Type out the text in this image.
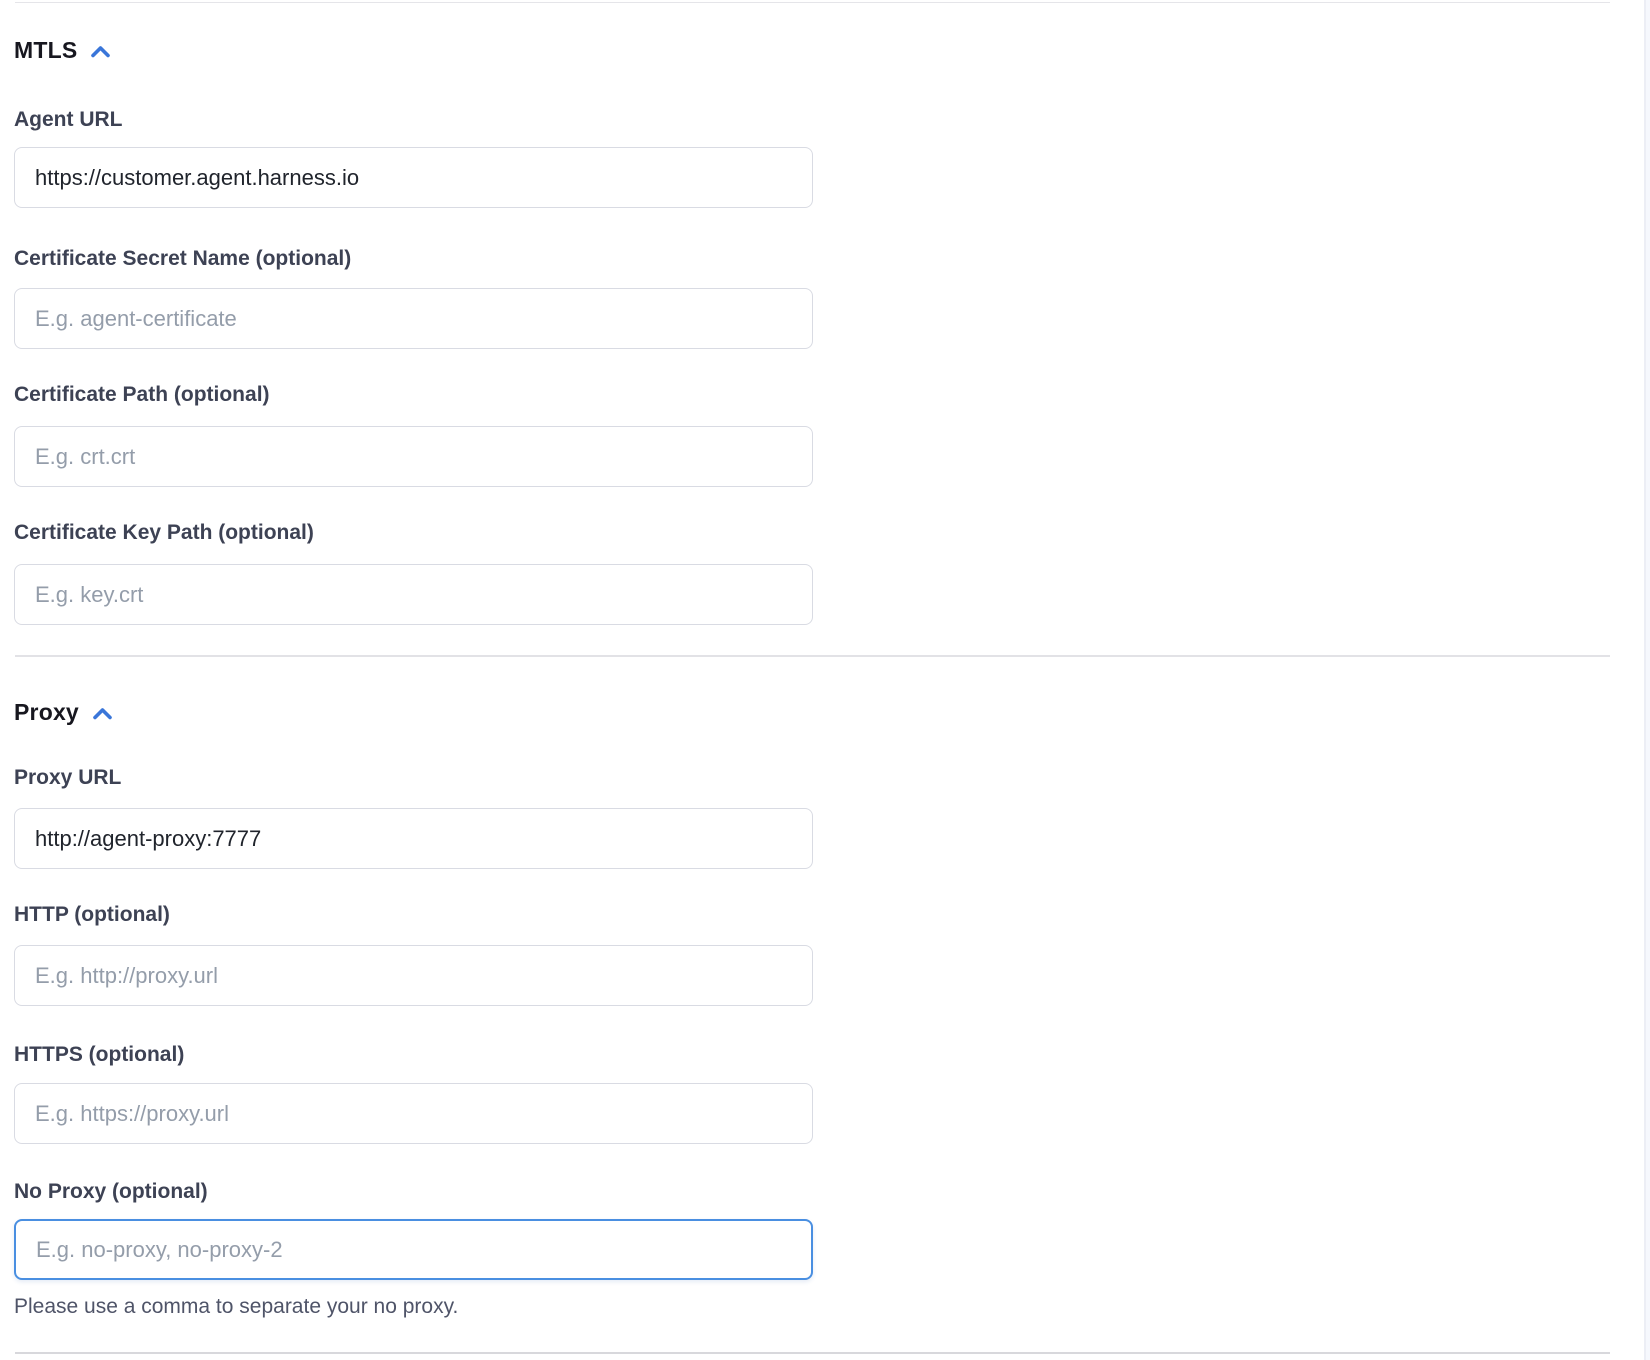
MTLS
Agent URL
https://customer.agent.harness.io
Certificate Secret Name (optional)
E.g. agent-certificate
Certificate Path (optional)
E.g. crt.crt
Certificate Key Path (optional)
E.g. key.crt
Proxy
Proxy URL
http://agent-proxy:7777
HTTP (optional)
E.g. http://proxy.url
HTTPS (optional)
E.g. https://proxy.url
No Proxy (optional)
E.g. no-proxy, no-proxy-2
Please use a comma to separate your no proxy.
